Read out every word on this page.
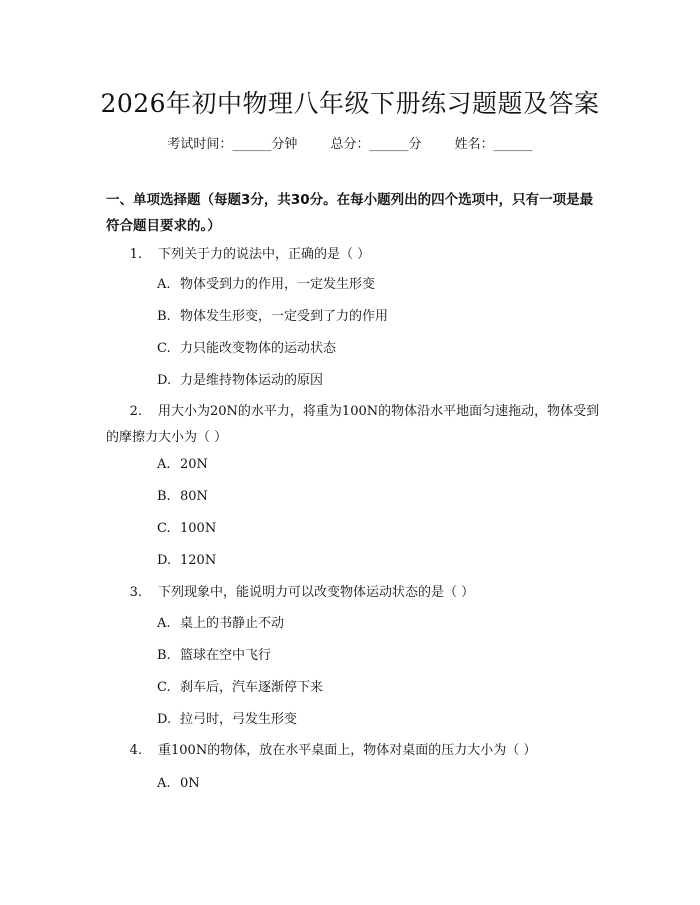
2026年初中物理八年级下册练习题题及答案
考试时间：______分钟	总分：______分	姓名：______
一、单项选择题（每题3分，共30分。在每小题列出的四个选项中，只有一项是最符合题目要求的。）
1. 下列关于力的说法中，正确的是（ ）
A. 物体受到力的作用，一定发生形变
B. 物体发生形变，一定受到了力的作用
C. 力只能改变物体的运动状态
D. 力是维持物体运动的原因
2. 用大小为20N的水平力，将重为100N的物体沿水平地面匀速拖动，物体受到的摩擦力大小为（ ）
A. 20N
B. 80N
C. 100N
D. 120N
3. 下列现象中，能说明力可以改变物体运动状态的是（ ）
A. 桌上的书静止不动
B. 篮球在空中飞行
C. 刹车后，汽车逐渐停下来
D. 拉弓时，弓发生形变
4. 重100N的物体，放在水平桌面上，物体对桌面的压力大小为（ ）
A. 0N
